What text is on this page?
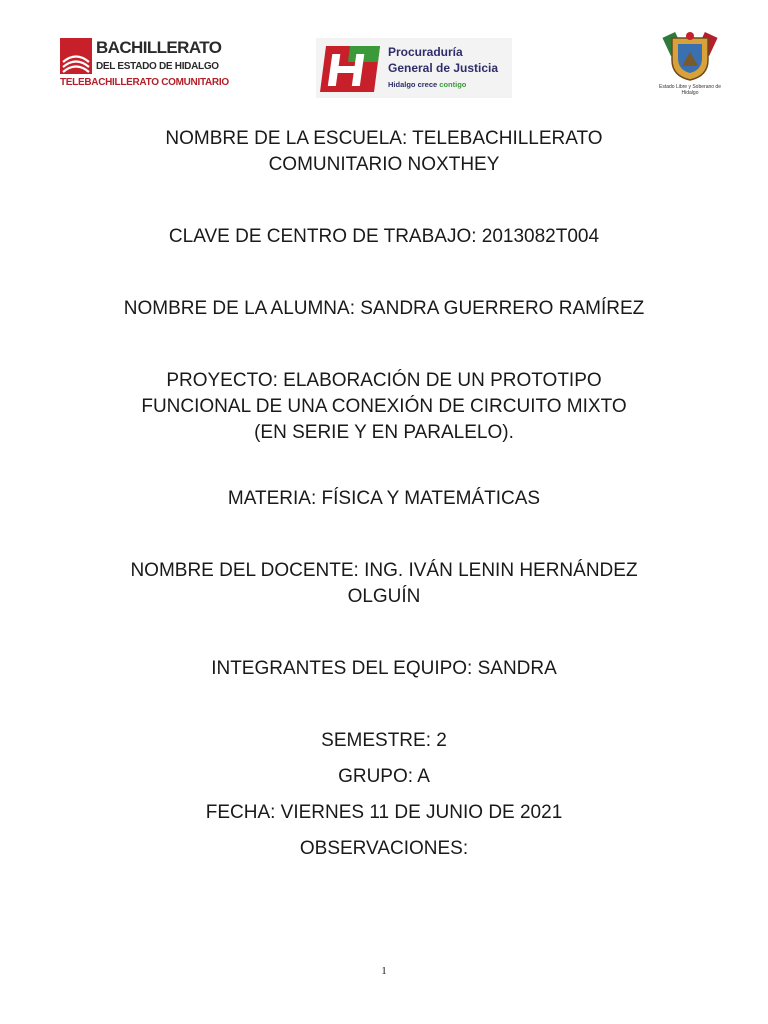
BACHILLERATO
DEL ESTADO DE HIDALGO
TELEBACHILLERATO COMUNITARIO
Procuraduría
General de Justicia
Hidalgo crece contigo	Estado Libre y Soberano de Hidalgo

NOMBRE DE LA ESCUELA: TELEBACHILLERATO

COMUNITARIO NOXTHEY

CLAVE DE CENTRO DE TRABAJO: 2013082T004

NOMBRE DE LA ALUMNA: SANDRA GUERRERO RAMÍREZ

PROYECTO: ELABORACIÓN DE UN PROTOTIPO

FUNCIONAL DE UNA CONEXIÓN DE CIRCUITO MIXTO

(EN SERIE Y EN PARALELO).

MATERIA: FÍSICA Y MATEMÁTICAS

NOMBRE DEL DOCENTE: ING. IVÁN LENIN HERNÁNDEZ

OLGUÍN

INTEGRANTES DEL EQUIPO: SANDRA

SEMESTRE: 2

GRUPO: A

FECHA: VIERNES 11 DE JUNIO DE 2021

OBSERVACIONES:

1
